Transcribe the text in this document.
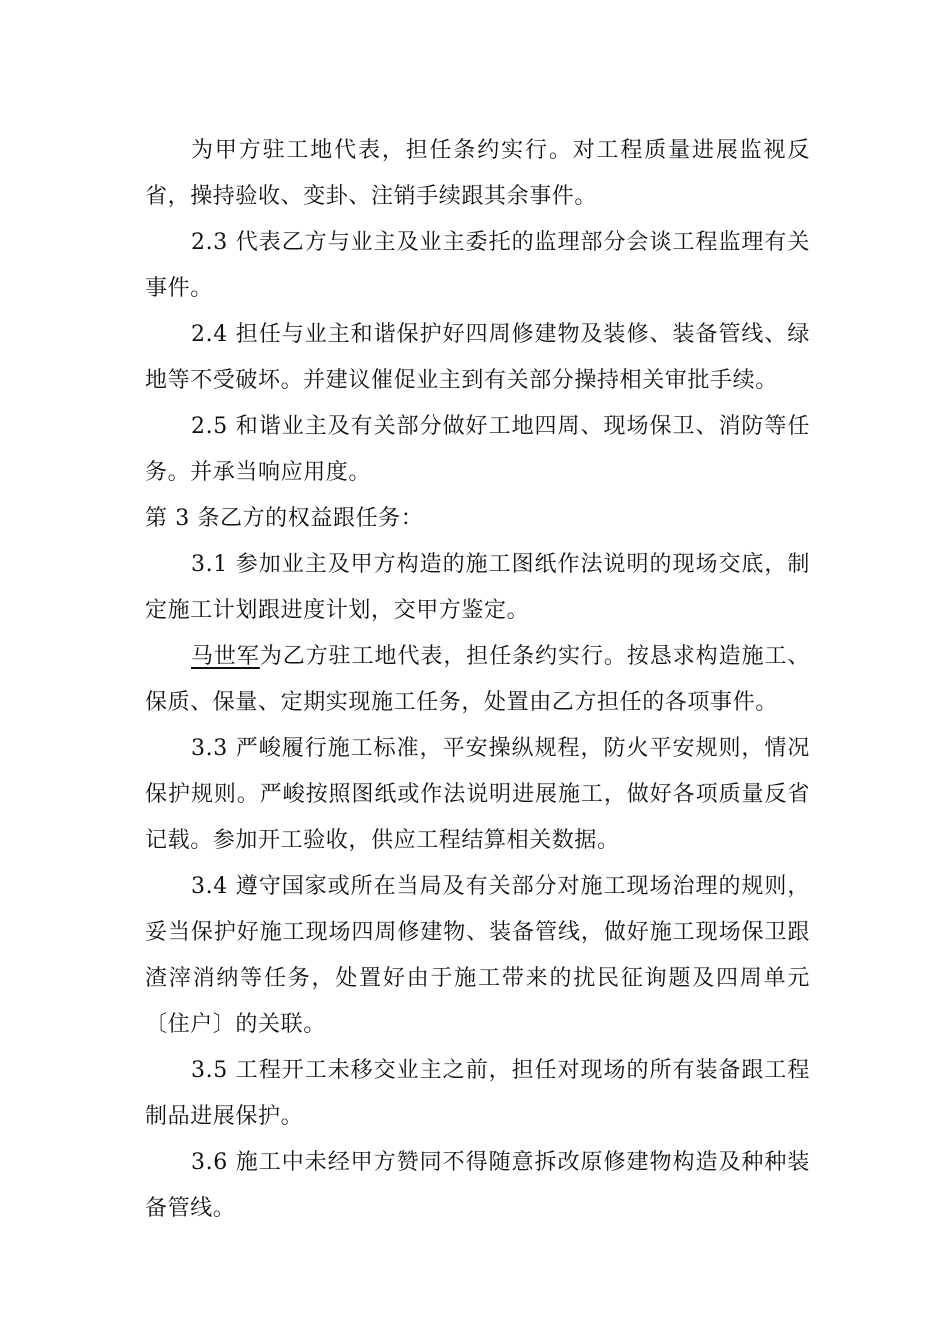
为甲方驻工地代表，担任条约实行。对工程质量进展监视反省，操持验收、变卦、注销手续跟其余事件。

2.3 代表乙方与业主及业主委托的监理部分会谈工程监理有关事件。

2.4 担任与业主和谐保护好四周修建物及装修、装备管线、绿地等不受破坏。并建议催促业主到有关部分操持相关审批手续。

2.5 和谐业主及有关部分做好工地四周、现场保卫、消防等任务。并承当响应用度。

第 3 条乙方的权益跟任务：

3.1 参加业主及甲方构造的施工图纸作法说明的现场交底，制定施工计划跟进度计划，交甲方鉴定。

马世军为乙方驻工地代表，担任条约实行。按恳求构造施工、保质、保量、定期实现施工任务，处置由乙方担任的各项事件。

3.3 严峻履行施工标准，平安操纵规程，防火平安规则，情况保护规则。严峻按照图纸或作法说明进展施工，做好各项质量反省记载。参加开工验收，供应工程结算相关数据。

3.4 遵守国家或所在当局及有关部分对施工现场治理的规则，妥当保护好施工现场四周修建物、装备管线，做好施工现场保卫跟渣滓消纳等任务，处置好由于施工带来的扰民征询题及四周单元〔住户〕的关联。

3.5 工程开工未移交业主之前，担任对现场的所有装备跟工程制品进展保护。

3.6 施工中未经甲方赞同不得随意拆改原修建物构造及种种装备管线。
